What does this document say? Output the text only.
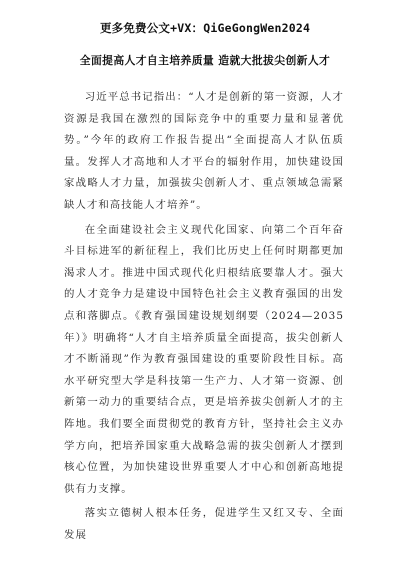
更多免费公文+VX：QiGeGongWen2024
全面提高人才自主培养质量 造就大批拔尖创新人才

习近平总书记指出：“人才是创新的第一资源，人才资源是我国在激烈的国际竞争中的重要力量和显著优势。”今年的政府工作报告提出“全面提高人才队伍质量。发挥人才高地和人才平台的辐射作用，加快建设国家战略人才力量，加强拔尖创新人才、重点领域急需紧缺人才和高技能人才培养”。

在全面建设社会主义现代化国家、向第二个百年奋斗目标进军的新征程上，我们比历史上任何时期都更加渴求人才。推进中国式现代化归根结底要靠人才。强大的人才竞争力是建设中国特色社会主义教育强国的出发点和落脚点。《教育强国建设规划纲要（2024—2035年）》明确将“人才自主培养质量全面提高，拔尖创新人才不断涌现”作为教育强国建设的重要阶段性目标。高水平研究型大学是科技第一生产力、人才第一资源、创新第一动力的重要结合点，更是培养拔尖创新人才的主阵地。我们要全面贯彻党的教育方针，坚持社会主义办学方向，把培养国家重大战略急需的拔尖创新人才摆到核心位置，为加快建设世界重要人才中心和创新高地提供有力支撑。

落实立德树人根本任务，促进学生又红又专、全面发展
